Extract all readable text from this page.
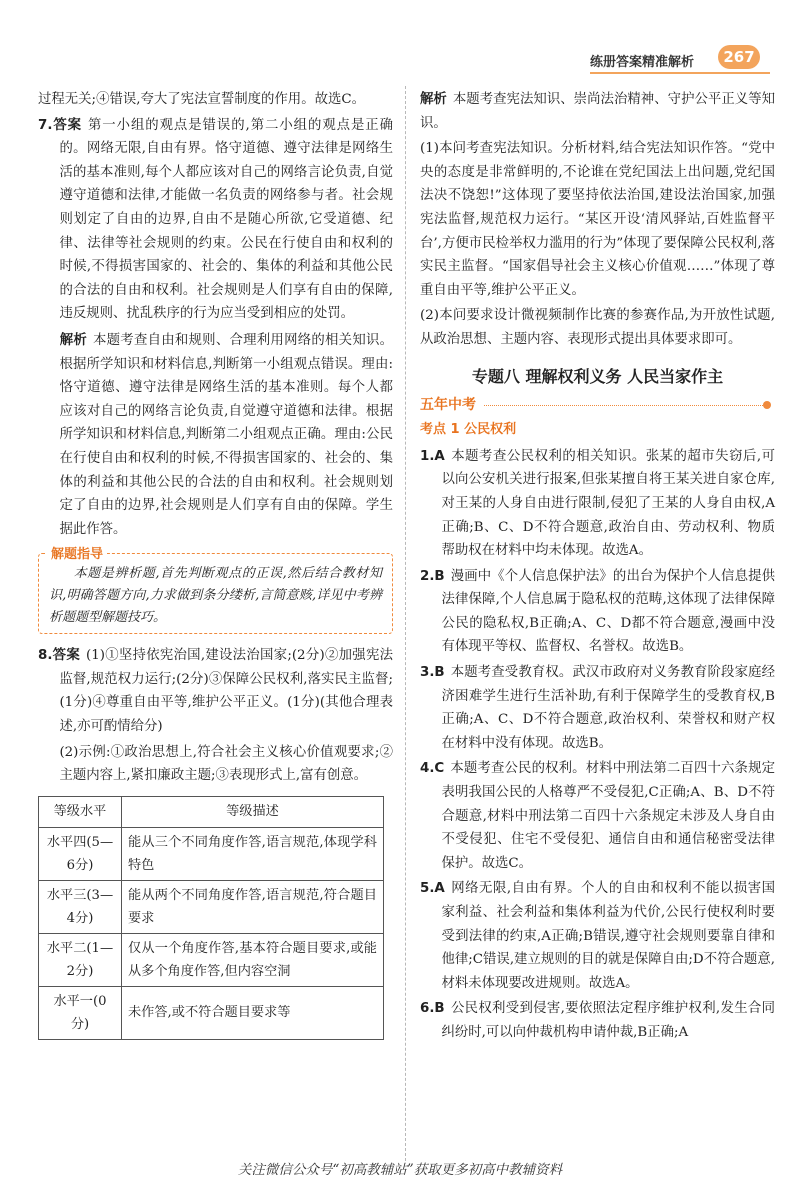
练册答案精准解析	267

过程无关;④错误,夸大了宪法宣誓制度的作用。故选C。

7.答案 第一小组的观点是错误的,第二小组的观点是正确的。网络无限,自由有界。恪守道德、遵守法律是网络生活的基本准则,每个人都应该对自己的网络言论负责,自觉遵守道德和法律,才能做一名负责的网络参与者。社会规则划定了自由的边界,自由不是随心所欲,它受道德、纪律、法律等社会规则的约束。公民在行使自由和权利的时候,不得损害国家的、社会的、集体的利益和其他公民的合法的自由和权利。社会规则是人们享有自由的保障,违反规则、扰乱秩序的行为应当受到相应的处罚。

解析 本题考查自由和规则、合理利用网络的相关知识。根据所学知识和材料信息,判断第一小组观点错误。理由:恪守道德、遵守法律是网络生活的基本准则。每个人都应该对自己的网络言论负责,自觉遵守道德和法律。根据所学知识和材料信息,判断第二小组观点正确。理由:公民在行使自由和权利的时候,不得损害国家的、社会的、集体的利益和其他公民的合法的自由和权利。社会规则划定了自由的边界,社会规则是人们享有自由的保障。学生据此作答。

解题指导
本题是辨析题,首先判断观点的正误,然后结合教材知识,明确答题方向,力求做到条分缕析,言简意赅,详见中考辨析题题型解题技巧。

8.答案 (1)①坚持依宪治国,建设法治国家;(2分)②加强宪法监督,规范权力运行;(2分)③保障公民权利,落实民主监督;(1分)④尊重自由平等,维护公平正义。(1分)(其他合理表述,亦可酌情给分)

(2)示例:①政治思想上,符合社会主义核心价值观要求;②主题内容上,紧扣廉政主题;③表现形式上,富有创意。

等级水平	等级描述
水平四(5—6分)	能从三个不同角度作答,语言规范,体现学科特色
水平三(3—4分)	能从两个不同角度作答,语言规范,符合题目要求
水平二(1—2分)	仅从一个角度作答,基本符合题目要求,或能从多个角度作答,但内容空洞
水平一(0分)	未作答,或不符合题目要求等

解析 本题考查宪法知识、崇尚法治精神、守护公平正义等知识。

(1)本问考查宪法知识。分析材料,结合宪法知识作答。“党中央的态度是非常鲜明的,不论谁在党纪国法上出问题,党纪国法决不饶恕!”这体现了要坚持依法治国,建设法治国家,加强宪法监督,规范权力运行。“某区开设‘清风驿站,百姓监督平台’,方便市民检举权力滥用的行为”体现了要保障公民权利,落实民主监督。“国家倡导社会主义核心价值观……”体现了尊重自由平等,维护公平正义。

(2)本问要求设计微视频制作比赛的参赛作品,为开放性试题,从政治思想、主题内容、表现形式提出具体要求即可。

专题八 理解权利义务 人民当家作主
五年中考
考点 1 公民权利

1.A 本题考查公民权利的相关知识。张某的超市失窃后,可以向公安机关进行报案,但张某擅自将王某关进自家仓库,对王某的人身自由进行限制,侵犯了王某的人身自由权,A正确;B、C、D不符合题意,政治自由、劳动权利、物质帮助权在材料中均未体现。故选A。

2.B 漫画中《个人信息保护法》的出台为保护个人信息提供法律保障,个人信息属于隐私权的范畴,这体现了法律保障公民的隐私权,B正确;A、C、D都不符合题意,漫画中没有体现平等权、监督权、名誉权。故选B。

3.B 本题考查受教育权。武汉市政府对义务教育阶段家庭经济困难学生进行生活补助,有利于保障学生的受教育权,B正确;A、C、D不符合题意,政治权利、荣誉权和财产权在材料中没有体现。故选B。

4.C 本题考查公民的权利。材料中刑法第二百四十六条规定表明我国公民的人格尊严不受侵犯,C正确;A、B、D不符合题意,材料中刑法第二百四十六条规定未涉及人身自由不受侵犯、住宅不受侵犯、通信自由和通信秘密受法律保护。故选C。

5.A 网络无限,自由有界。个人的自由和权利不能以损害国家利益、社会利益和集体利益为代价,公民行使权利时要受到法律的约束,A正确;B错误,遵守社会规则要靠自律和他律;C错误,建立规则的目的就是保障自由;D不符合题意,材料未体现要改进规则。故选A。

6.B 公民权利受到侵害,要依照法定程序维护权利,发生合同纠纷时,可以向仲裁机构申请仲裁,B正确;A

关注微信公众号“初高教辅站”获取更多初高中教辅资料
